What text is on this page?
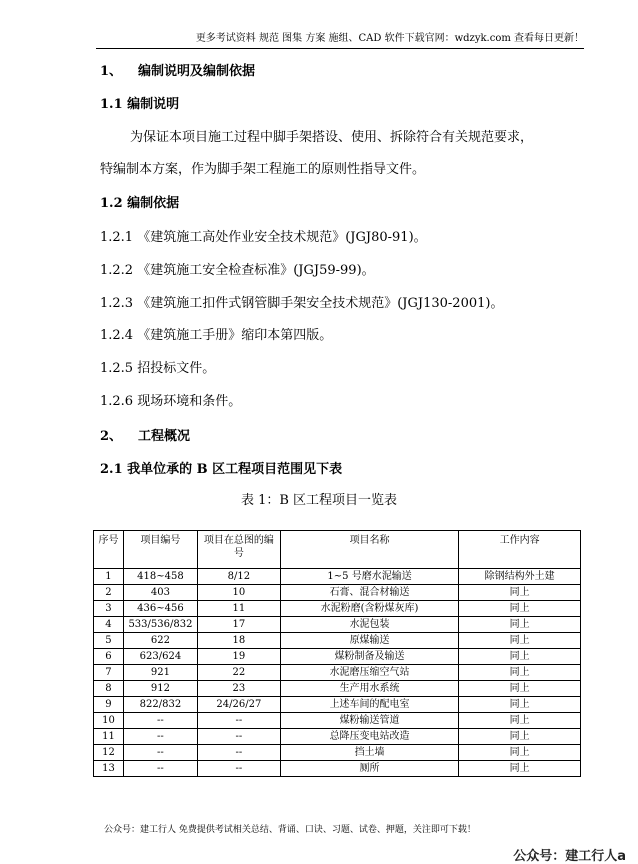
更多考试资料 规范 图集 方案 施组、CAD 软件下载官网：wdzyk.com 查看每日更新！
1、 编制说明及编制依据
1.1 编制说明
为保证本项目施工过程中脚手架搭设、使用、拆除符合有关规范要求，
特编制本方案，作为脚手架工程施工的原则性指导文件。
1.2 编制依据
1.2.1 《建筑施工高处作业安全技术规范》(JGJ80-91)。
1.2.2 《建筑施工安全检查标准》(JGJ59-99)。
1.2.3 《建筑施工扣件式钢管脚手架安全技术规范》(JGJ130-2001)。
1.2.4 《建筑施工手册》缩印本第四版。
1.2.5 招投标文件。
1.2.6 现场环境和条件。
2、 工程概况
2.1 我单位承的 B 区工程项目范围见下表
表 1：B 区工程项目一览表
序号	项目编号	项目在总图的编号	项目名称	工作内容
1	418~458	8/12	1~5 号磨水泥输送	除钢结构外土建
2	403	10	石膏、混合材输送	同上
3	436~456	11	水泥粉磨(含粉煤灰库)	同上
4	533/536/832	17	水泥包装	同上
5	622	18	原煤输送	同上
6	623/624	19	煤粉制备及输送	同上
7	921	22	水泥磨压缩空气站	同上
8	912	23	生产用水系统	同上
9	822/832	24/26/27	上述车间的配电室	同上
10	--	--	煤粉输送管道	同上
11	--	--	总降压变电站改造	同上
12	--	--	挡土墙	同上
13	--	--	厕所	同上
公众号：建工行人 免费提供考试相关总结、背诵、口诀、习题、试卷、押题，关注即可下载！
公众号：建工行人a
